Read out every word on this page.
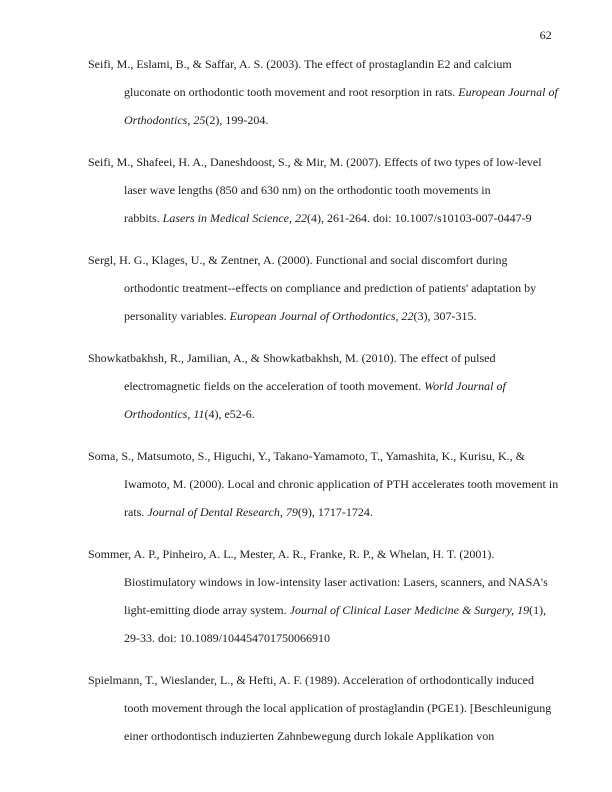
62
Seifi, M., Eslami, B., & Saffar, A. S. (2003). The effect of prostaglandin E2 and calcium
gluconate on orthodontic tooth movement and root resorption in rats. European Journal of
Orthodontics, 25(2), 199-204.
Seifi, M., Shafeei, H. A., Daneshdoost, S., & Mir, M. (2007). Effects of two types of low-level
laser wave lengths (850 and 630 nm) on the orthodontic tooth movements in
rabbits. Lasers in Medical Science, 22(4), 261-264. doi: 10.1007/s10103-007-0447-9
Sergl, H. G., Klages, U., & Zentner, A. (2000). Functional and social discomfort during
orthodontic treatment--effects on compliance and prediction of patients' adaptation by
personality variables. European Journal of Orthodontics, 22(3), 307-315.
Showkatbakhsh, R., Jamilian, A., & Showkatbakhsh, M. (2010). The effect of pulsed
electromagnetic fields on the acceleration of tooth movement. World Journal of
Orthodontics, 11(4), e52-6.
Soma, S., Matsumoto, S., Higuchi, Y., Takano-Yamamoto, T., Yamashita, K., Kurisu, K., &
Iwamoto, M. (2000). Local and chronic application of PTH accelerates tooth movement in
rats. Journal of Dental Research, 79(9), 1717-1724.
Sommer, A. P., Pinheiro, A. L., Mester, A. R., Franke, R. P., & Whelan, H. T. (2001).
Biostimulatory windows in low-intensity laser activation: Lasers, scanners, and NASA's
light-emitting diode array system. Journal of Clinical Laser Medicine & Surgery, 19(1),
29-33. doi: 10.1089/104454701750066910
Spielmann, T., Wieslander, L., & Hefti, A. F. (1989). Acceleration of orthodontically induced
tooth movement through the local application of prostaglandin (PGE1). [Beschleunigung
einer orthodontisch induzierten Zahnbewegung durch lokale Applikation von
